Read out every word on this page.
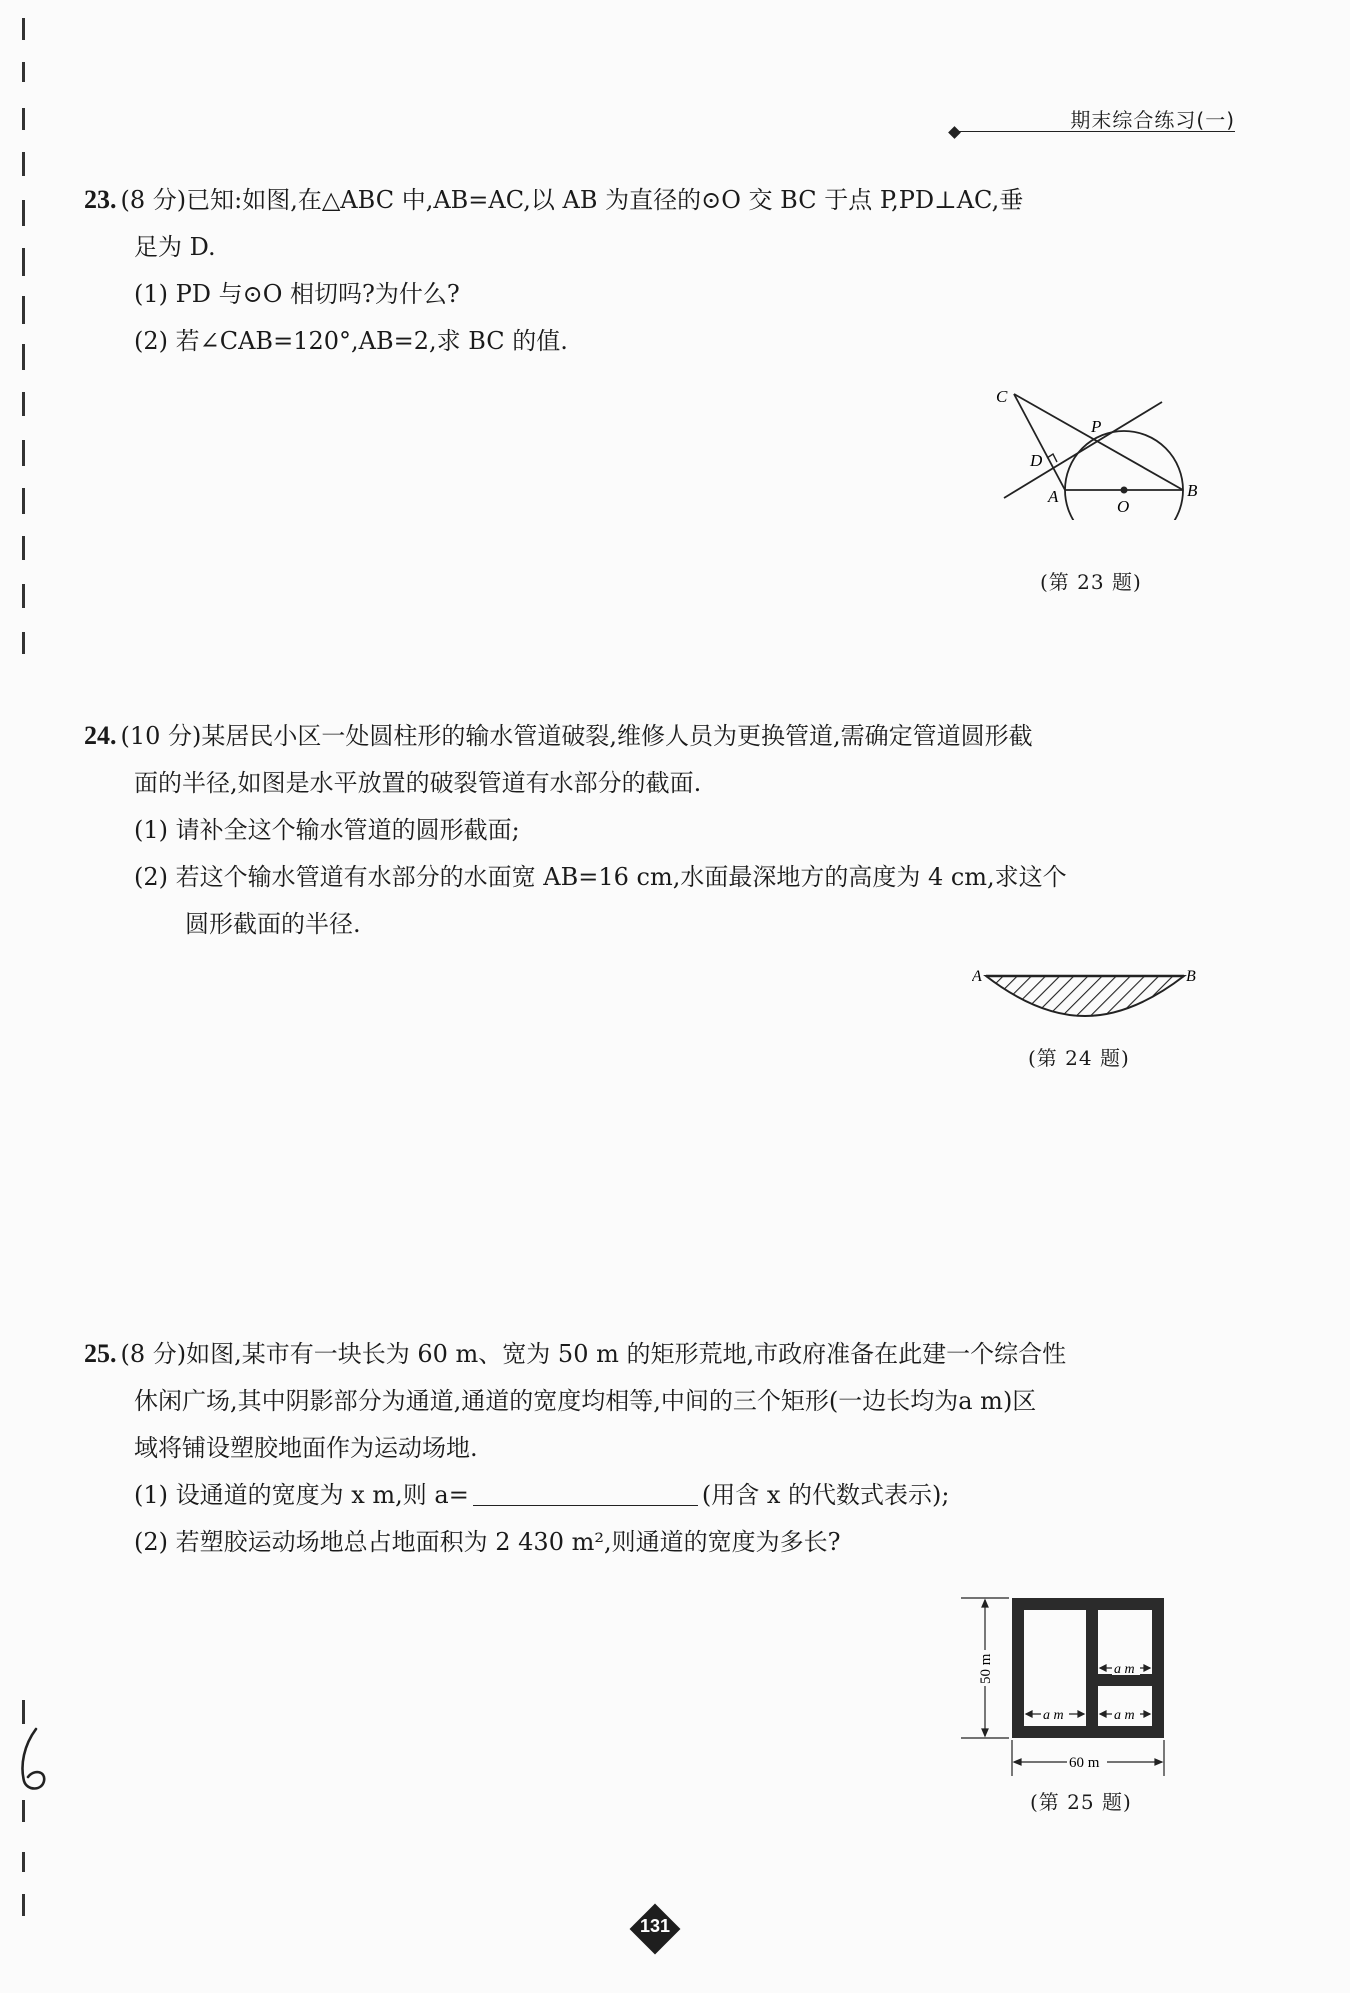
期末综合练习(一)

23. (8 分)已知:如图,在△ABC 中,AB=AC,以 AB 为直径的⊙O 交 BC 于点 P,PD⊥AC,垂

足为 D.

(1) PD 与⊙O 相切吗?为什么?

(2) 若∠CAB=120°,AB=2,求 BC 的值.

C
P
D
A
O
B
(第 23 题)

24. (10 分)某居民小区一处圆柱形的输水管道破裂,维修人员为更换管道,需确定管道圆形截

面的半径,如图是水平放置的破裂管道有水部分的截面.

(1) 请补全这个输水管道的圆形截面;

(2) 若这个输水管道有水部分的水面宽 AB=16 cm,水面最深地方的高度为 4 cm,求这个

圆形截面的半径.

A	B
(第 24 题)

25. (8 分)如图,某市有一块长为 60 m、宽为 50 m 的矩形荒地,市政府准备在此建一个综合性

休闲广场,其中阴影部分为通道,通道的宽度均相等,中间的三个矩形(一边长均为a m)区

域将铺设塑胶地面作为运动场地.

(1) 设通道的宽度为 x m,则 a=	(用含 x 的代数式表示);

(2) 若塑胶运动场地总占地面积为 2 430 m²,则通道的宽度为多长?

a m	a m
a m
50 m
60 m
(第 25 题)
131
